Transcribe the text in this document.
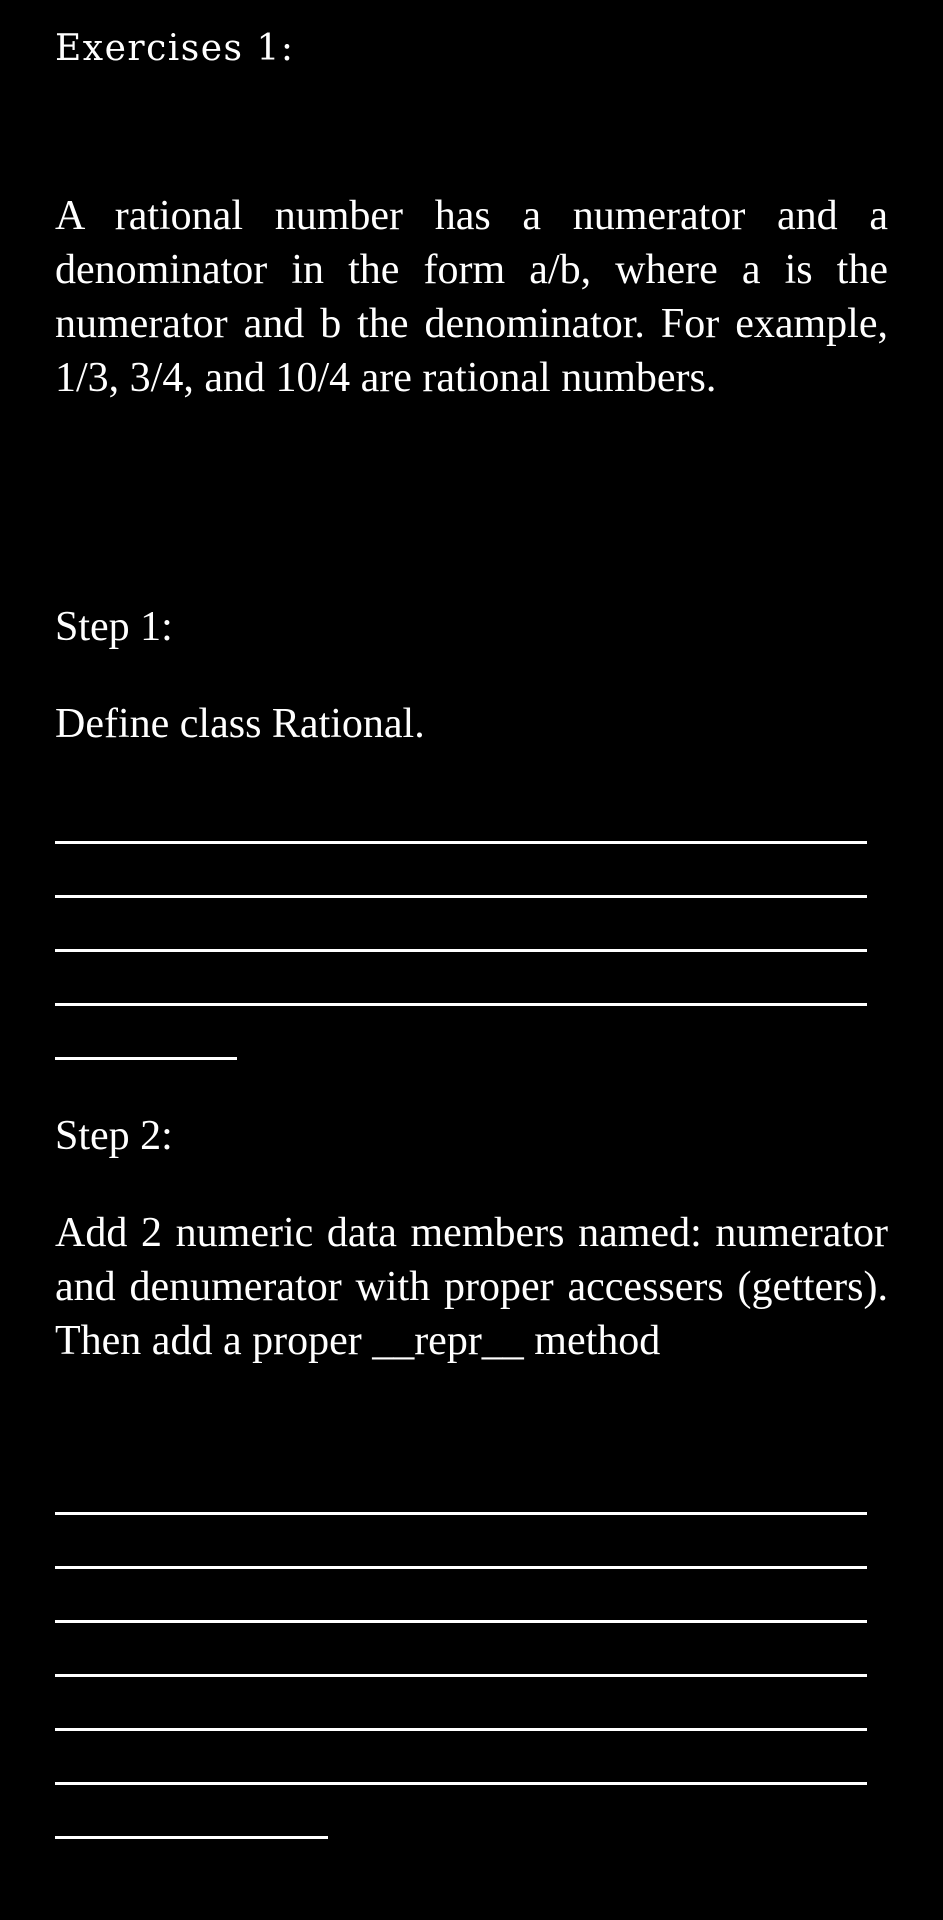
Exercises 1:

A rational number has a numerator and a denominator in the form a/b, where a is the numerator and b the denominator. For example, 1/3, 3/4, and 10/4 are rational numbers.

Step 1:

Define class Rational.

Step 2:

Add 2 numeric data members named: numerator and denumerator with proper accessers (getters). Then add a proper __repr__ method
